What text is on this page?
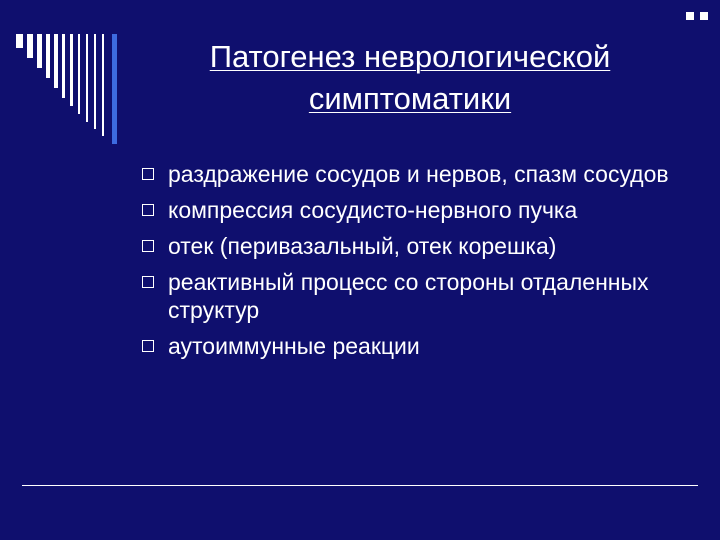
Патогенез неврологической
симптоматики
раздражение сосудов и нервов, спазм сосудов
компрессия сосудисто-нервного пучка
отек (перивазальный, отек корешка)
реактивный процесс со стороны отдаленных структур
аутоиммунные реакции
